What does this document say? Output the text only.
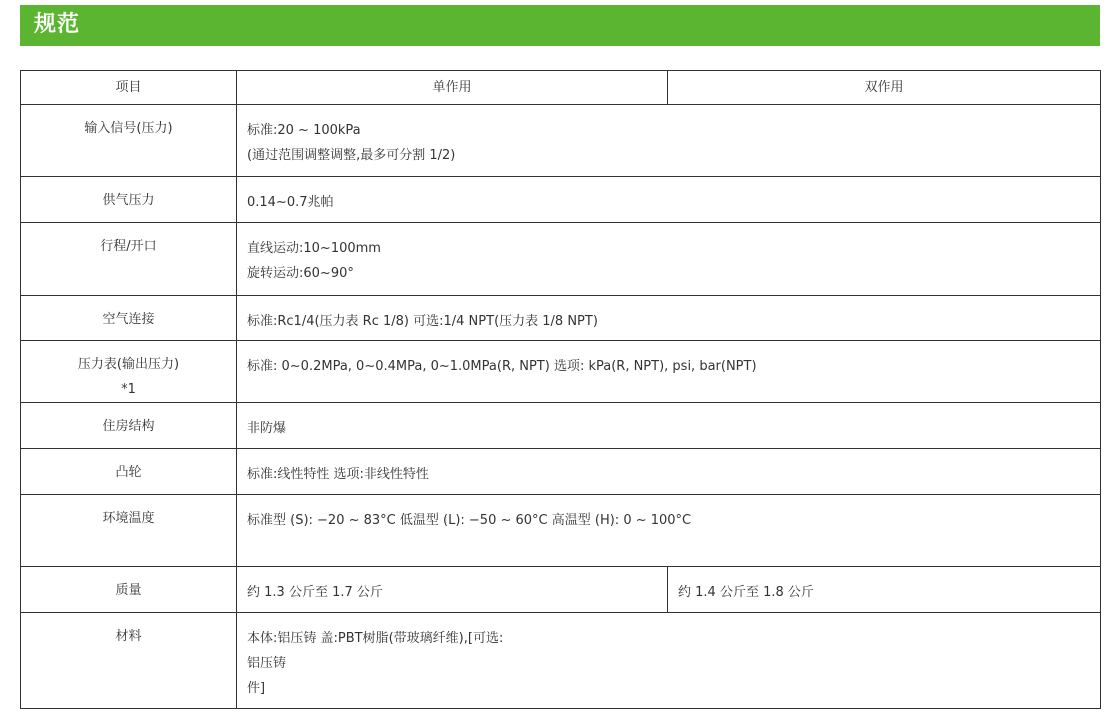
规范
项目	单作用	双作用

输入信号(压力)	标准:20 ~ 100kPa
(通过范围调整调整,最多可分割 1/2)	

供气压力	0.14~0.7兆帕	

行程/开口	直线运动:10~100mm
旋转运动:60~90°	

空气连接	标准:Rc1/4(压力表 Rc 1/8) 可选:1/4 NPT(压力表 1/8 NPT)	

压力表(输出压力)
*1	标准: 0~0.2MPa, 0~0.4MPa, 0~1.0MPa(R, NPT) 选项: kPa(R, NPT), psi, bar(NPT)	

住房结构	非防爆	

凸轮	标准:线性特性 选项:非线性特性	

环境温度	标准型 (S): −20 ~ 83°C 低温型 (L): −50 ~ 60°C 高温型 (H): 0 ~ 100°C	

质量	约 1.3 公斤至 1.7 公斤	约 1.4 公斤至 1.8 公斤

材料	本体:铝压铸 盖:PBT树脂(带玻璃纤维),[可选:
铝压铸
件]	
